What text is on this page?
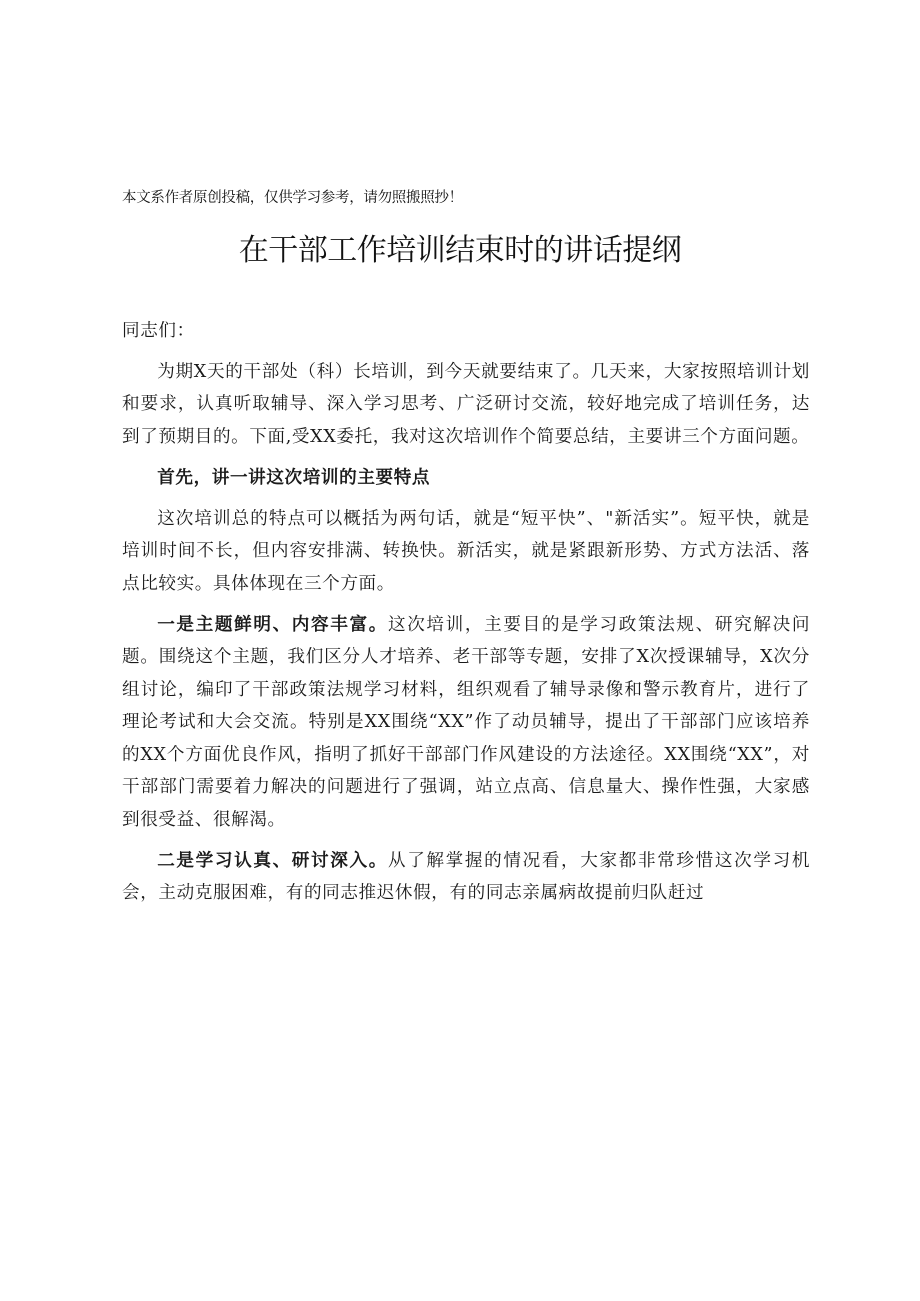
本文系作者原创投稿，仅供学习参考，请勿照搬照抄！
在干部工作培训结束时的讲话提纲

同志们：

为期X天的干部处（科）长培训，到今天就要结束了。几天来，大家按照培训计划和要求，认真听取辅导、深入学习思考、广泛研讨交流，较好地完成了培训任务，达到了预期目的。下面,受XX委托，我对这次培训作个简要总结，主要讲三个方面问题。

首先，讲一讲这次培训的主要特点

这次培训总的特点可以概括为两句话，就是“短平快”、"新活实”。短平快，就是培训时间不长，但内容安排满、转换快。新活实，就是紧跟新形势、方式方法活、落点比较实。具体体现在三个方面。

一是主题鲜明、内容丰富。这次培训，主要目的是学习政策法规、研究解决问题。围绕这个主题，我们区分人才培养、老干部等专题，安排了X次授课辅导，X次分组讨论，编印了干部政策法规学习材料，组织观看了辅导录像和警示教育片，进行了理论考试和大会交流。特别是XX围绕“XX”作了动员辅导，提出了干部部门应该培养的XX个方面优良作风，指明了抓好干部部门作风建设的方法途径。XX围绕“XX”，对干部部门需要着力解决的问题进行了强调，站立点高、信息量大、操作性强，大家感到很受益、很解渴。

二是学习认真、研讨深入。从了解掌握的情况看，大家都非常珍惜这次学习机会，主动克服困难，有的同志推迟休假，有的同志亲属病故提前归队赶过
